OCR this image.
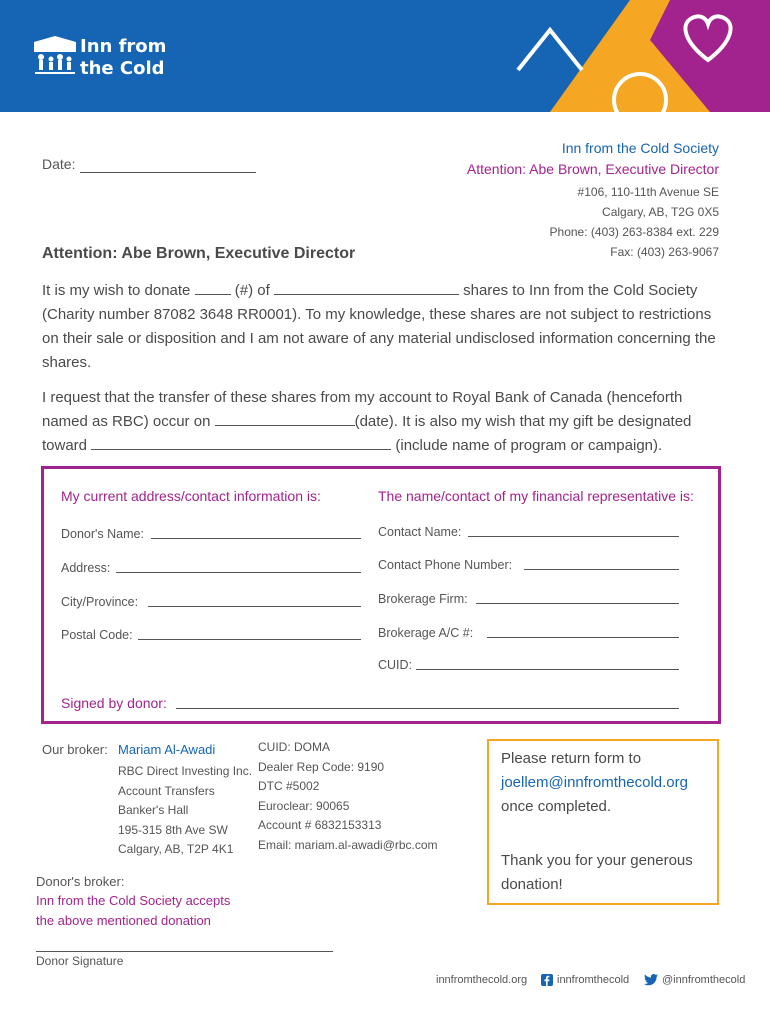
Inn from
the Cold
Date:
Inn from the Cold Society
Attention: Abe Brown, Executive Director
#106, 110-11th Avenue SE
Calgary, AB, T2G 0X5
Phone: (403) 263-8384 ext. 229
Fax: (403) 263-9067
Attention: Abe Brown, Executive Director
It is my wish to donate	(#) of	shares to Inn from the Cold Society (Charity number 87082 3648 RR0001). To my knowledge, these shares are not subject to restrictions on their sale or disposition and I am not aware of any material undisclosed information concerning the shares.
I request that the transfer of these shares from my account to Royal Bank of Canada (henceforth named as RBC) occur on	(date). It is also my wish that my gift be designated toward	(include name of program or campaign).
My current address/contact information is:	The name/contact of my financial representative is:
Donor's Name:
Address:
City/Province:
Postal Code:
Contact Name:
Contact Phone Number:
Brokerage Firm:
Brokerage A/C #:
CUID:
Signed by donor:
Our broker: Mariam Al-Awadi
RBC Direct Investing Inc.
Account Transfers
Banker's Hall
195-315 8th Ave SW
Calgary, AB, T2P 4K1
CUID: DOMA
Dealer Rep Code: 9190
DTC #5002
Euroclear: 90065
Account # 6832153313
Email: mariam.al-awadi@rbc.com
Please return form to
joellem@innfromthecold.org
once completed.
Thank you for your generous donation!
Donor's broker:
Inn from the Cold Society accepts
the above mentioned donation
Donor Signature
innfromthecold.org	innfromthecold	@innfromthecold
